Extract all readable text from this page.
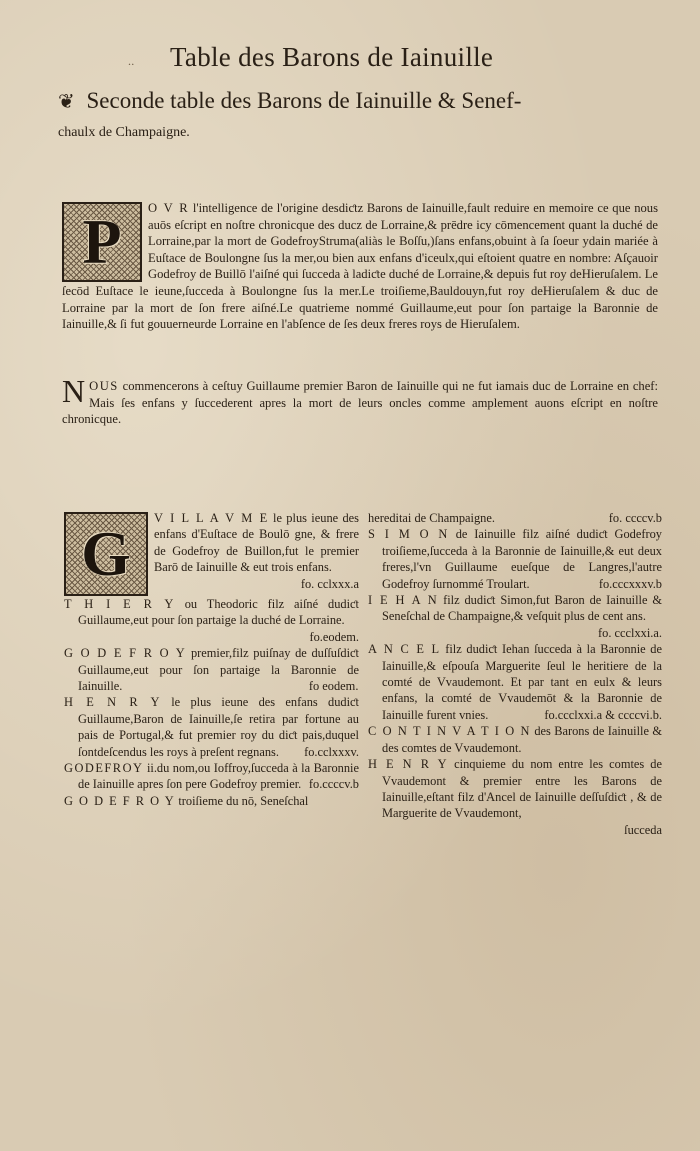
.. Table des Barons de Iainuille
❦ Seconde table des Barons de Iainuille & Senef-
chaulx de Champaigne.
P	O V R l'intelligence de l'origine desdiƈtz Barons de Iainuille,fault reduire en memoire ce que nous auōs eſcript en noſtre chronicque des ducz de Lorraine,& prēdre icy cōmencement quant la duché de Lorraine,par la mort de GodefroyStruma(aliàs le Boſſu,)ſans enfans,obuint à ſa ſoeur ydain mariée à Euſtace de Boulongne ſus la mer,ou bien aux enfans d'iceulx,qui eſtoient quatre en nombre: Aſçauoir Godefroy de Buillō l'aiſné qui ſucceda à ladiƈte duché de Lorraine,& depuis fut roy deHieruſalem. Le ſecōd Euſtace le ieune,ſucceda à Boulongne ſus la mer.Le troiſieme,Bauldouyn,fut roy deHieruſalem & duc de Lorraine par la mort de ſon frere aiſné.Le quatrieme nommé Guillaume,eut pour ſon partaige la Baronnie de Iainuille,& ſi fut gouuerneurde Lorraine en l'abſence de ſes deux freres roys de Hieruſalem.
NOUS commencerons à ceſtuy Guillaume premier Baron de Iainuille qui ne fut iamais duc de Lorraine en chef: Mais ſes enfans y ſuccederent apres la mort de leurs oncles comme amplement auons eſcript en noſtre chronicque.
G	V I L L A V M E le plus ieune des enfans d'Euſtace de Boulō gne, & frere de Godefroy de Buillon,fut le premier Barō de Iainuille & eut trois enfans.
fo. cclxxx.a
T H I E R Y ou Theodoric filz aiſné dudiƈt Guillaume,eut pour ſon partaige la duché de Lorraine.
fo.eodem.
G O D E F R O Y premier,filz puiſnay de duſſuſdiƈt Guillaume,eut pour ſon partaige la Baronnie de Iainuille.	fo eodem.
H E N R Y le plus ieune des enfans dudiƈt Guillaume,Baron de Iainuille,ſe retira par fortune au pais de Portugal,& fut premier roy du diƈt pais,duquel ſontdeſcendus les roys à preſent regnans. fo.cclxxxv.
GODEFROY ii.du nom,ou Ioffroy,ſucceda à la Baronnie de Iainuille apres ſon pere Godefroy premier. fo.ccccv.b
G O D E F R O Y troiſieme du nō, Seneſchal
hereditai de Champaigne.	fo. ccccv.b
S I M O N de Iainuille filz aiſné dudiƈt Godefroy troiſieme,ſucceda à la Baronnie de Iainuille,& eut deux freres,l'vn Guillaume eueſque de Langres,l'autre Godefroy ſurnommé Troulart.	fo.cccxxxv.b
I E H A N filz dudiƈt Simon,fut Baron de Iainuille & Seneſchal de Champaigne,& veſquit plus de cent ans.
fo. ccclxxi.a.
A N C E L filz dudiƈt Iehan ſucceda à la Baronnie de Iainuille,& eſpouſa Marguerite ſeul le heritiere de la comté de Vvaudemont. Et par tant en eulx & leurs enfans, la comté de Vvaudemōt & la Baronnie de Iainuille furent vnies.	fo.ccclxxi.a & ccccvi.b.
C O N T I N V A T I O N des Barons de Iainuille & des comtes de Vvaudemont.
H E N R Y cinquieme du nom entre les comtes de Vvaudemont & premier entre les Barons de Iainuille,eſtant filz d'Ancel de Iainuille deſſuſdiƈt , & de Marguerite de Vvaudemont,
ſucceda
